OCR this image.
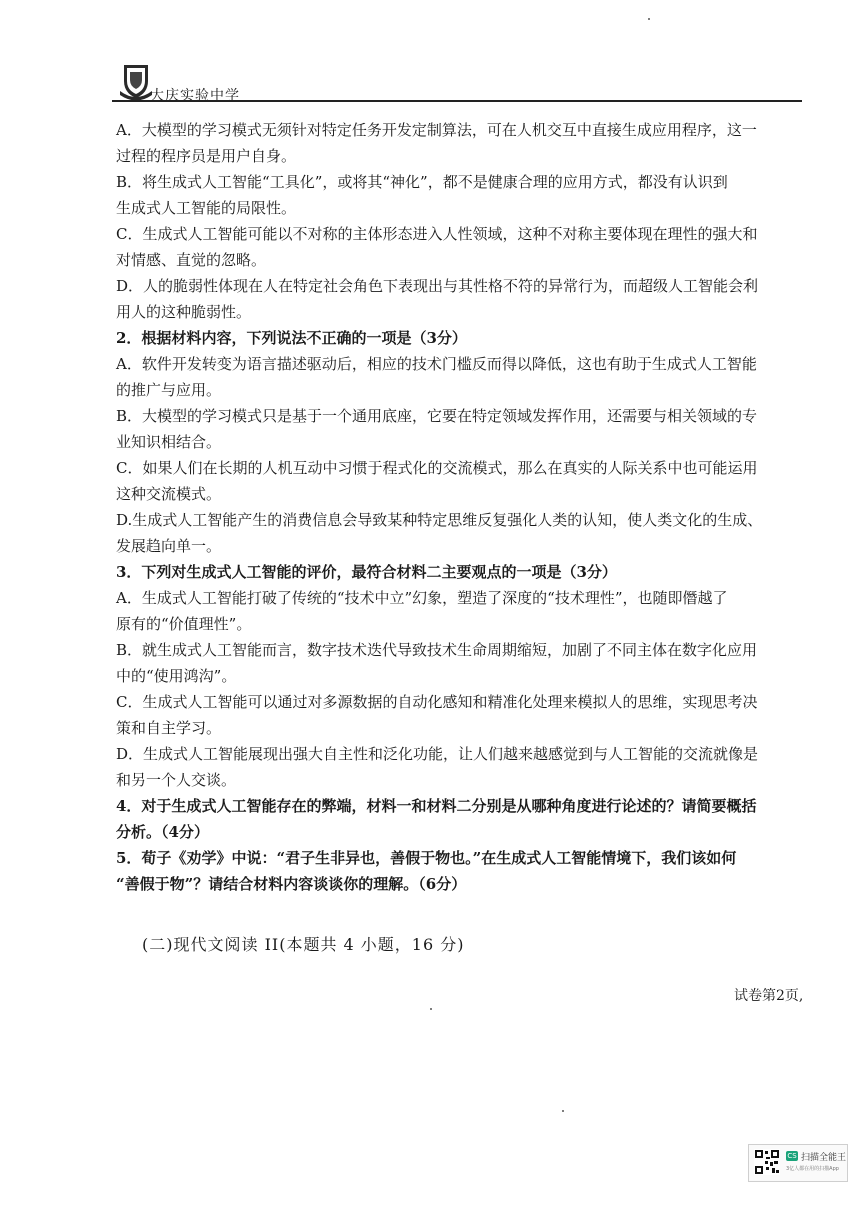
大庆实验中学

A．大模型的学习模式无须针对特定任务开发定制算法，可在人机交互中直接生成应用程序，这一

过程的程序员是用户自身。

B．将生成式人工智能“工具化”，或将其“神化”，都不是健康合理的应用方式，都没有认识到

生成式人工智能的局限性。

C．生成式人工智能可能以不对称的主体形态进入人性领域，这种不对称主要体现在理性的强大和

对情感、直觉的忽略。

D．人的脆弱性体现在人在特定社会角色下表现出与其性格不符的异常行为，而超级人工智能会利

用人的这种脆弱性。

2．根据材料内容，下列说法不正确的一项是（3分）

A．软件开发转变为语言描述驱动后，相应的技术门槛反而得以降低，这也有助于生成式人工智能

的推广与应用。

B．大模型的学习模式只是基于一个通用底座，它要在特定领域发挥作用，还需要与相关领域的专

业知识相结合。

C．如果人们在长期的人机互动中习惯于程式化的交流模式，那么在真实的人际关系中也可能运用

这种交流模式。

D.生成式人工智能产生的消费信息会导致某种特定思维反复强化人类的认知，使人类文化的生成、

发展趋向单一。

3．下列对生成式人工智能的评价，最符合材料二主要观点的一项是（3分）

A．生成式人工智能打破了传统的“技术中立”幻象，塑造了深度的“技术理性”，也随即僭越了

原有的“价值理性”。

B．就生成式人工智能而言，数字技术迭代导致技术生命周期缩短，加剧了不同主体在数字化应用

中的“使用鸿沟”。

C．生成式人工智能可以通过对多源数据的自动化感知和精准化处理来模拟人的思维，实现思考决

策和自主学习。

D．生成式人工智能展现出强大自主性和泛化功能，让人们越来越感觉到与人工智能的交流就像是

和另一个人交谈。

4．对于生成式人工智能存在的弊端，材料一和材料二分别是从哪种角度进行论述的？请简要概括

分析。（4分）

5．荀子《劝学》中说：“君子生非异也，善假于物也。”在生成式人工智能情境下，我们该如何

“善假于物”？请结合材料内容谈谈你的理解。（6分）

(二)现代文阅读 II(本题共 4 小题，16 分)
试卷第2页,
CS 扫描全能王
3亿人都在用的扫描App
